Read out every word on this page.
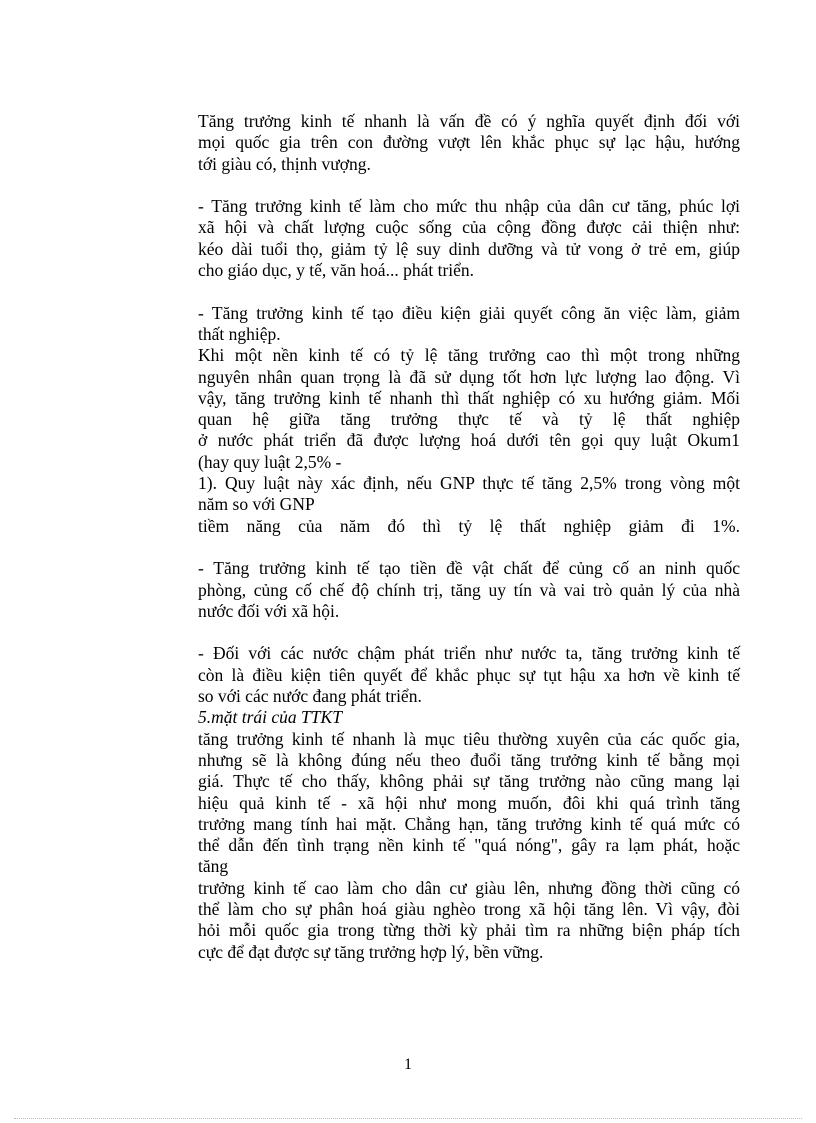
Tăng trưởng kinh tế nhanh là vấn đề có ý nghĩa quyết định đối với
mọi quốc gia trên con đường vượt lên khắc phục sự lạc hậu, hướng
tới giàu có, thịnh vượng.

- Tăng trưởng kinh tế làm cho mức thu nhập của dân cư tăng, phúc lợi
xã hội và chất lượng cuộc sống của cộng đồng được cải thiện như:
kéo dài tuổi thọ, giảm tỷ lệ suy dinh dưỡng và tử vong ở trẻ em, giúp
cho giáo dục, y tế, văn hoá... phát triển.

- Tăng trưởng kinh tế tạo điều kiện giải quyết công ăn việc làm, giảm
thất nghiệp.
Khi một nền kinh tế có tỷ lệ tăng trưởng cao thì một trong những
nguyên nhân quan trọng là đã sử dụng tốt hơn lực lượng lao động. Vì
vậy, tăng trưởng kinh tế nhanh thì thất nghiệp có xu hướng giảm. Mối
quan hệ giữa tăng trưởng thực tế và tỷ lệ thất nghiệp
ở nước phát triển đã được lượng hoá dưới tên gọi quy luật Okum1
(hay quy luật 2,5% -
1). Quy luật này xác định, nếu GNP thực tế tăng 2,5% trong vòng một
năm so với GNP
tiềm năng của năm đó thì tỷ lệ thất nghiệp giảm đi 1%.

- Tăng trưởng kinh tế tạo tiền đề vật chất để củng cố an ninh quốc
phòng, củng cố chế độ chính trị, tăng uy tín và vai trò quản lý của nhà
nước đối với xã hội.

- Đối với các nước chậm phát triển như nước ta, tăng trưởng kinh tế
còn là điều kiện tiên quyết để khắc phục sự tụt hậu xa hơn về kinh tế
so với các nước đang phát triển.

5.mặt trái của TTKT

tăng trưởng kinh tế nhanh là mục tiêu thường xuyên của các quốc gia,
nhưng sẽ là không đúng nếu theo đuổi tăng trưởng kinh tế bằng mọi
giá. Thực tế cho thấy, không phải sự tăng trưởng nào cũng mang lại
hiệu quả kinh tế - xã hội như mong muốn, đôi khi quá trình tăng
trưởng mang tính hai mặt. Chẳng hạn, tăng trưởng kinh tế quá mức có
thể dẫn đến tình trạng nền kinh tế "quá nóng", gây ra lạm phát, hoặc
tăng
trưởng kinh tế cao làm cho dân cư giàu lên, nhưng đồng thời cũng có
thể làm cho sự phân hoá giàu nghèo trong xã hội tăng lên. Vì vậy, đòi
hỏi mỗi quốc gia trong từng thời kỳ phải tìm ra những biện pháp tích
cực để đạt được sự tăng trưởng hợp lý, bền vững.

1
